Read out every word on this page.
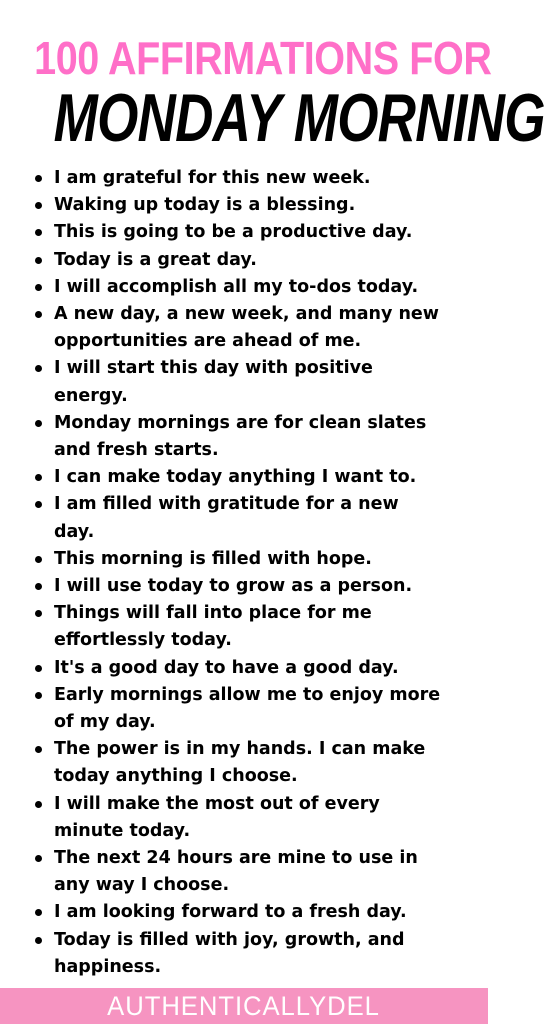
100 AFFIRMATIONS FOR
MONDAY MORNING
I am grateful for this new week.
Waking up today is a blessing.
This is going to be a productive day.
Today is a great day.
I will accomplish all my to-dos today.
A new day, a new week, and many new opportunities are ahead of me.
I will start this day with positive energy.
Monday mornings are for clean slates and fresh starts.
I can make today anything I want to.
I am filled with gratitude for a new day.
This morning is filled with hope.
I will use today to grow as a person.
Things will fall into place for me effortlessly today.
It's a good day to have a good day.
Early mornings allow me to enjoy more of my day.
The power is in my hands. I can make today anything I choose.
I will make the most out of every minute today.
The next 24 hours are mine to use in any way I choose.
I am looking forward to a fresh day.
Today is filled with joy, growth, and happiness.
AUTHENTICALLYDEL
